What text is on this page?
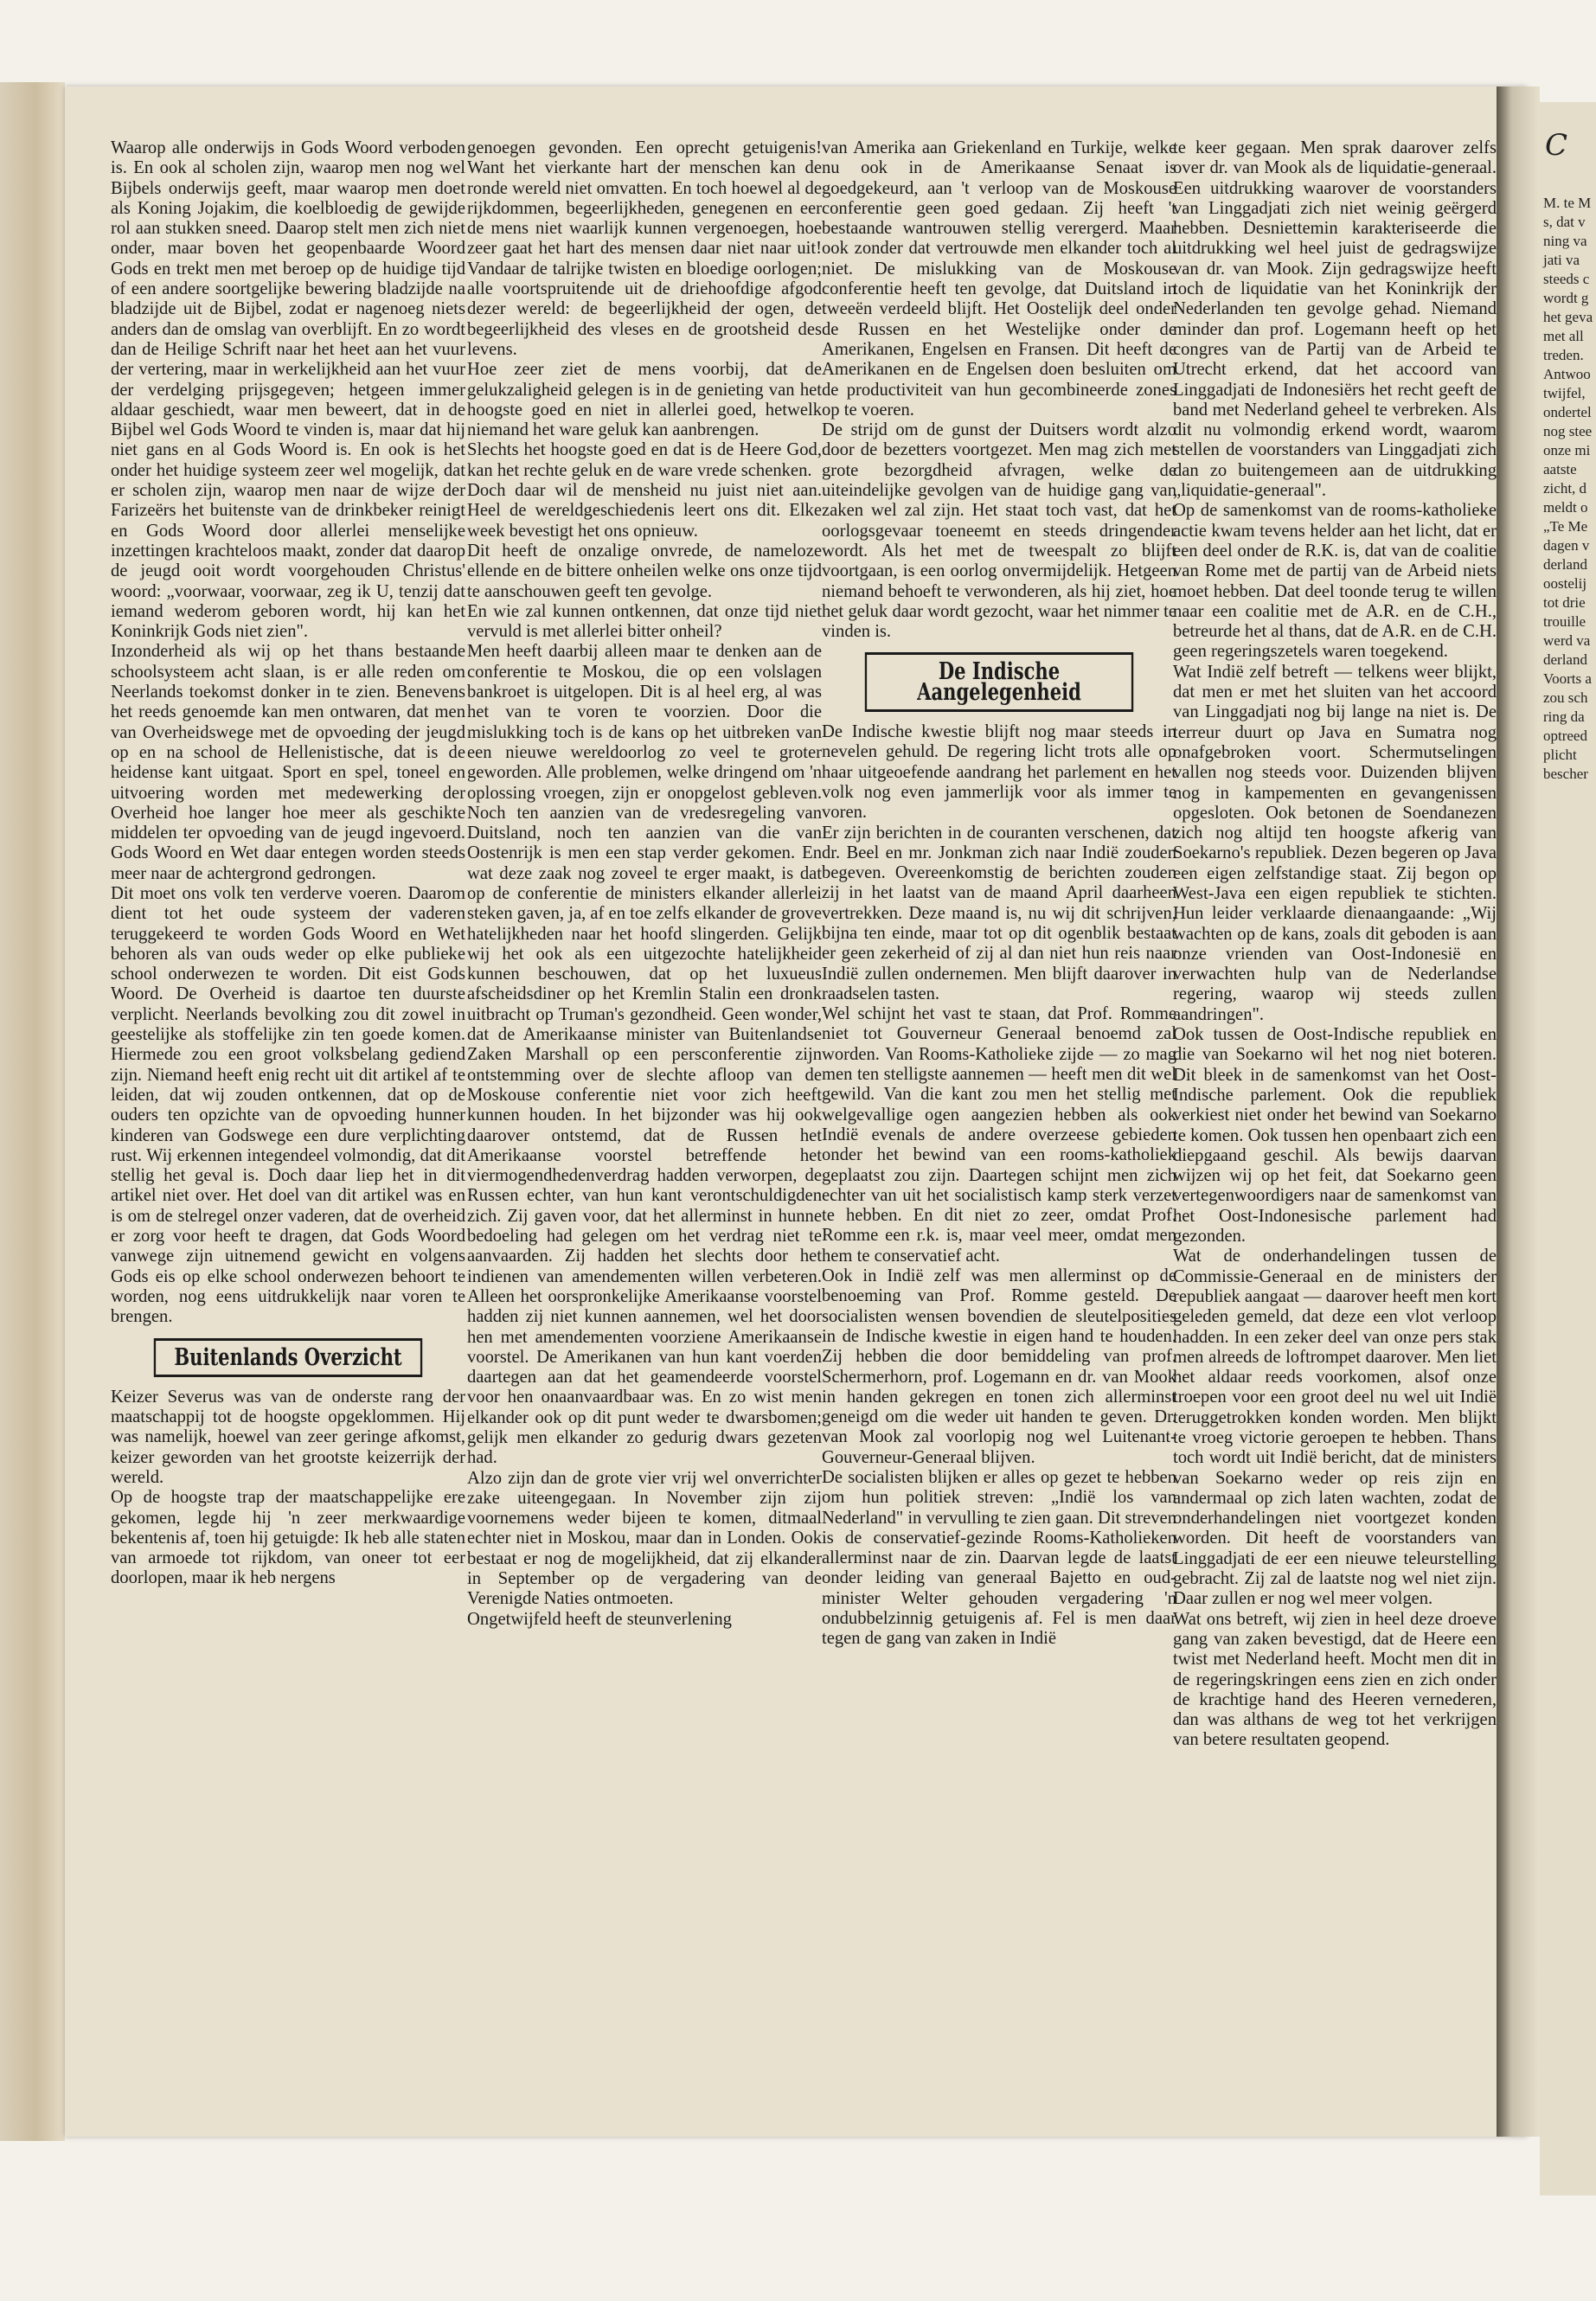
C
M. te M
s, dat v
ning va
jati va
steeds c
wordt g
het geva
met all
treden.
Antwoo
twijfel,
ondertel
nog stee
onze mi
aatste
zicht, d
meldt o
„Te Me
dagen v
derland
oostelij
tot drie
trouille
werd va
derland
Voorts a
zou sch
ring da
optreed
plicht
bescher

Waarop alle onderwijs in Gods Woord verboden is. En ook al scholen zijn, waarop men nog wel Bijbels onderwijs geeft, maar waarop men doet als Koning Jojakim, die koelbloedig de gewijde rol aan stukken sneed. Daarop stelt men zich niet onder, maar boven het geopenbaarde Woord Gods en trekt men met beroep op de huidige tijd of een andere soortgelijke bewering bladzijde na bladzijde uit de Bijbel, zodat er nagenoeg niets anders dan de omslag van overblijft. En zo wordt dan de Heilige Schrift naar het heet aan het vuur der vertering, maar in werkelijkheid aan het vuur der verdelging prijsgegeven; hetgeen immer aldaar geschiedt, waar men beweert, dat in de Bijbel wel Gods Woord te vinden is, maar dat hij niet gans en al Gods Woord is. En ook is het onder het huidige systeem zeer wel mogelijk, dat er scholen zijn, waarop men naar de wijze der Farizeërs het buitenste van de drinkbeker reinigt en Gods Woord door allerlei menselijke inzettingen krachteloos maakt, zonder dat daarop de jeugd ooit wordt voorgehouden Christus' woord: „voorwaar, voorwaar, zeg ik U, tenzij dat iemand wederom geboren wordt, hij kan het Koninkrijk Gods niet zien".

Inzonderheid als wij op het thans bestaande schoolsysteem acht slaan, is er alle reden om Neerlands toekomst donker in te zien. Benevens het reeds genoemde kan men ontwaren, dat men van Overheidswege met de opvoeding der jeugd op en na school de Hellenistische, dat is de heidense kant uitgaat. Sport en spel, toneel en uitvoering worden met medewerking der Overheid hoe langer hoe meer als geschikte middelen ter opvoeding van de jeugd ingevoerd. Gods Woord en Wet daar entegen worden steeds meer naar de achtergrond gedrongen.

Dit moet ons volk ten verderve voeren. Daarom dient tot het oude systeem der vaderen teruggekeerd te worden Gods Woord en Wet behoren als van ouds weder op elke publieke school onderwezen te worden. Dit eist Gods Woord. De Overheid is daartoe ten duurste verplicht. Neerlands bevolking zou dit zowel in geestelijke als stoffelijke zin ten goede komen. Hiermede zou een groot volksbelang gediend zijn. Niemand heeft enig recht uit dit artikel af te leiden, dat wij zouden ontkennen, dat op de ouders ten opzichte van de opvoeding hunner kinderen van Godswege een dure verplichting rust. Wij erkennen integendeel volmondig, dat dit stellig het geval is. Doch daar liep het in dit artikel niet over. Het doel van dit artikel was en is om de stelregel onzer vaderen, dat de overheid er zorg voor heeft te dragen, dat Gods Woord vanwege zijn uitnemend gewicht en volgens Gods eis op elke school onderwezen behoort te worden, nog eens uitdrukkelijk naar voren te brengen.

Buitenlands Overzicht

Keizer Severus was van de onderste rang der maatschappij tot de hoogste opgeklommen. Hij was namelijk, hoewel van zeer geringe afkomst, keizer geworden van het grootste keizerrijk der wereld.

Op de hoogste trap der maatschappelijke ere gekomen, legde hij 'n zeer merkwaardige bekentenis af, toen hij getuigde: Ik heb alle staten van armoede tot rijkdom, van oneer tot eer doorlopen, maar ik heb nergens

genoegen gevonden. Een oprecht getuigenis! Want het vierkante hart der menschen kan de ronde wereld niet omvatten. En toch hoewel al de rijkdommen, begeerlijkheden, genegenen en eer de mens niet waarlijk kunnen vergenoegen, hoe zeer gaat het hart des mensen daar niet naar uit! Vandaar de talrijke twisten en bloedige oorlogen; alle voortspruitende uit de driehoofdige afgod dezer wereld: de begeerlijkheid der ogen, de begeerlijkheid des vleses en de grootsheid des levens.

Hoe zeer ziet de mens voorbij, dat de gelukzaligheid gelegen is in de genieting van het hoogste goed en niet in allerlei goed, hetwelk niemand het ware geluk kan aanbrengen.

Slechts het hoogste goed en dat is de Heere God, kan het rechte geluk en de ware vrede schenken.

Doch daar wil de mensheid nu juist niet aan. Heel de wereldgeschiedenis leert ons dit. Elke week bevestigt het ons opnieuw.

Dit heeft de onzalige onvrede, de nameloze ellende en de bittere onheilen welke ons onze tijd te aanschouwen geeft ten gevolge.

En wie zal kunnen ontkennen, dat onze tijd niet vervuld is met allerlei bitter onheil?

Men heeft daarbij alleen maar te denken aan de conferentie te Moskou, die op een volslagen bankroet is uitgelopen. Dit is al heel erg, al was het van te voren te voorzien. Door die mislukking toch is de kans op het uitbreken van een nieuwe wereldoorlog zo veel te groter geworden. Alle problemen, welke dringend om 'n oplossing vroegen, zijn er onopgelost gebleven. Noch ten aanzien van de vredesregeling van Duitsland, noch ten aanzien van die van Oostenrijk is men een stap verder gekomen. En wat deze zaak nog zoveel te erger maakt, is dat op de conferentie de ministers elkander allerlei steken gaven, ja, af en toe zelfs elkander de grove hatelijkheden naar het hoofd slingerden. Gelijk wij het ook als een uitgezochte hatelijkheid kunnen beschouwen, dat op het luxueus afscheidsdiner op het Kremlin Stalin een dronk uitbracht op Truman's gezondheid. Geen wonder, dat de Amerikaanse minister van Buitenlandse Zaken Marshall op een persconferentie zijn ontstemming over de slechte afloop van de Moskouse conferentie niet voor zich heeft kunnen houden. In het bijzonder was hij ook daarover ontstemd, dat de Russen het Amerikaanse voorstel betreffende het viermogendhedenverdrag hadden verworpen, de Russen echter, van hun kant verontschuldigden zich. Zij gaven voor, dat het allerminst in hunne bedoeling had gelegen om het verdrag niet te aanvaarden. Zij hadden het slechts door het indienen van amendementen willen verbeteren. Alleen het oorspronkelijke Amerikaanse voorstel hadden zij niet kunnen aannemen, wel het door hen met amendementen voorziene Amerikaanse voorstel. De Amerikanen van hun kant voerden daartegen aan dat het geamendeerde voorstel voor hen onaanvaardbaar was. En zo wist men elkander ook op dit punt weder te dwarsbomen; gelijk men elkander zo gedurig dwars gezeten had.

Alzo zijn dan de grote vier vrij wel onverrichter zake uiteengegaan. In November zijn zij voornemens weder bijeen te komen, ditmaal echter niet in Moskou, maar dan in Londen. Ook bestaat er nog de mogelijkheid, dat zij elkander in September op de vergadering van de Verenigde Naties ontmoeten.

Ongetwijfeld heeft de steunverlening

van Amerika aan Griekenland en Turkije, welke nu ook in de Amerikaanse Senaat is goedgekeurd, aan 't verloop van de Moskouse conferentie geen goed gedaan. Zij heeft 't bestaande wantrouwen stellig verergerd. Maar ook zonder dat vertrouwde men elkander toch al niet. De mislukking van de Moskouse conferentie heeft ten gevolge, dat Duitsland in tweeën verdeeld blijft. Het Oostelijk deel onder de Russen en het Westelijke onder de Amerikanen, Engelsen en Fransen. Dit heeft de Amerikanen en de Engelsen doen besluiten om de productiviteit van hun gecombineerde zones op te voeren.

De strijd om de gunst der Duitsers wordt alzo door de bezetters voortgezet. Men mag zich met grote bezorgdheid afvragen, welke de uiteindelijke gevolgen van de huidige gang van zaken wel zal zijn. Het staat toch vast, dat het oorlogsgevaar toeneemt en steeds dringender wordt. Als het met de tweespalt zo blijft voortgaan, is een oorlog onvermijdelijk. Hetgeen niemand behoeft te verwonderen, als hij ziet, hoe het geluk daar wordt gezocht, waar het nimmer te vinden is.

De Indische Aangelegenheid

De Indische kwestie blijft nog maar steeds in nevelen gehuld. De regering licht trots alle op haar uitgeoefende aandrang het parlement en het volk nog even jammerlijk voor als immer te voren.

Er zijn berichten in de couranten verschenen, dat dr. Beel en mr. Jonkman zich naar Indië zouden begeven. Overeenkomstig de berichten zouden zij in het laatst van de maand April daarheen vertrekken. Deze maand is, nu wij dit schrijven, bijna ten einde, maar tot op dit ogenblik bestaat er geen zekerheid of zij al dan niet hun reis naar Indië zullen ondernemen. Men blijft daarover in raadselen tasten.

Wel schijnt het vast te staan, dat Prof. Romme niet tot Gouverneur Generaal benoemd zal worden. Van Rooms-Katholieke zijde — zo mag men ten stelligste aannemen — heeft men dit wel gewild. Van die kant zou men het stellig met welgevallige ogen aangezien hebben als ook Indië evenals de andere overzeese gebieden onder het bewind van een rooms-katholiek geplaatst zou zijn. Daartegen schijnt men zich echter van uit het socialistisch kamp sterk verzet te hebben. En dit niet zo zeer, omdat Prof. Romme een r.k. is, maar veel meer, omdat men hem te conservatief acht.

Ook in Indië zelf was men allerminst op de benoeming van Prof. Romme gesteld. De socialisten wensen bovendien de sleutelposities in de Indische kwestie in eigen hand te houden. Zij hebben die door bemiddeling van prof. Schermerhorn, prof. Logemann en dr. van Mook in handen gekregen en tonen zich allerminst geneigd om die weder uit handen te geven. Dr. van Mook zal voorlopig nog wel Luitenant-Gouverneur-Generaal blijven.

De socialisten blijken er alles op gezet te hebben om hun politiek streven: „Indië los van Nederland" in vervulling te zien gaan. Dit streven is de conservatief-gezinde Rooms-Katholieken allerminst naar de zin. Daarvan legde de laatst onder leiding van generaal Bajetto en oud-minister Welter gehouden vergadering 'n ondubbelzinnig getuigenis af. Fel is men daar tegen de gang van zaken in Indië

te keer gegaan. Men sprak daarover zelfs over dr. van Mook als de liquidatie-generaal. Een uitdrukking waarover de voorstanders van Linggadjati zich niet weinig geërgerd hebben. Desniettemin karakteriseerde die uitdrukking wel heel juist de gedragswijze van dr. van Mook. Zijn gedragswijze heeft toch de liquidatie van het Koninkrijk der Nederlanden ten gevolge gehad. Niemand minder dan prof. Logemann heeft op het congres van de Partij van de Arbeid te Utrecht erkend, dat het accoord van Linggadjati de Indonesiërs het recht geeft de band met Nederland geheel te verbreken. Als dit nu volmondig erkend wordt, waarom stellen de voorstanders van Linggadjati zich dan zo buitengemeen aan de uitdrukking „liquidatie-generaal".

Op de samenkomst van de rooms-katholieke actie kwam tevens helder aan het licht, dat er een deel onder de R.K. is, dat van de coalitie van Rome met de partij van de Arbeid niets moet hebben. Dat deel toonde terug te willen naar een coalitie met de A.R. en de C.H., betreurde het al thans, dat de A.R. en de C.H. geen regeringszetels waren toegekend.

Wat Indië zelf betreft — telkens weer blijkt, dat men er met het sluiten van het accoord van Linggadjati nog bij lange na niet is. De terreur duurt op Java en Sumatra nog onafgebroken voort. Schermutselingen vallen nog steeds voor. Duizenden blijven nog in kampementen en gevangenissen opgesloten. Ook betonen de Soendanezen zich nog altijd ten hoogste afkerig van Soekarno's republiek. Dezen begeren op Java een eigen zelfstandige staat. Zij begon op West-Java een eigen republiek te stichten. Hun leider verklaarde dienaangaande: „Wij wachten op de kans, zoals dit geboden is aan onze vrienden van Oost-Indonesië en verwachten hulp van de Nederlandse regering, waarop wij steeds zullen aandringen".

Ook tussen de Oost-Indische republiek en die van Soekarno wil het nog niet boteren. Dit bleek in de samenkomst van het Oost-Indische parlement. Ook die republiek verkiest niet onder het bewind van Soekarno te komen. Ook tussen hen openbaart zich een diepgaand geschil. Als bewijs daarvan wijzen wij op het feit, dat Soekarno geen vertegenwoordigers naar de samenkomst van het Oost-Indonesische parlement had gezonden.

Wat de onderhandelingen tussen de Commissie-Generaal en de ministers der republiek aangaat — daarover heeft men kort geleden gemeld, dat deze een vlot verloop hadden. In een zeker deel van onze pers stak men alreeds de loftrompet daarover. Men liet het aldaar reeds voorkomen, alsof onze troepen voor een groot deel nu wel uit Indië teruggetrokken konden worden. Men blijkt te vroeg victorie geroepen te hebben. Thans toch wordt uit Indië bericht, dat de ministers van Soekarno weder op reis zijn en andermaal op zich laten wachten, zodat de onderhandelingen niet voortgezet konden worden. Dit heeft de voorstanders van Linggadjati de eer een nieuwe teleurstelling gebracht. Zij zal de laatste nog wel niet zijn. Daar zullen er nog wel meer volgen.

Wat ons betreft, wij zien in heel deze droeve gang van zaken bevestigd, dat de Heere een twist met Nederland heeft. Mocht men dit in de regeringskringen eens zien en zich onder de krachtige hand des Heeren vernederen, dan was althans de weg tot het verkrijgen van betere resultaten geopend.
